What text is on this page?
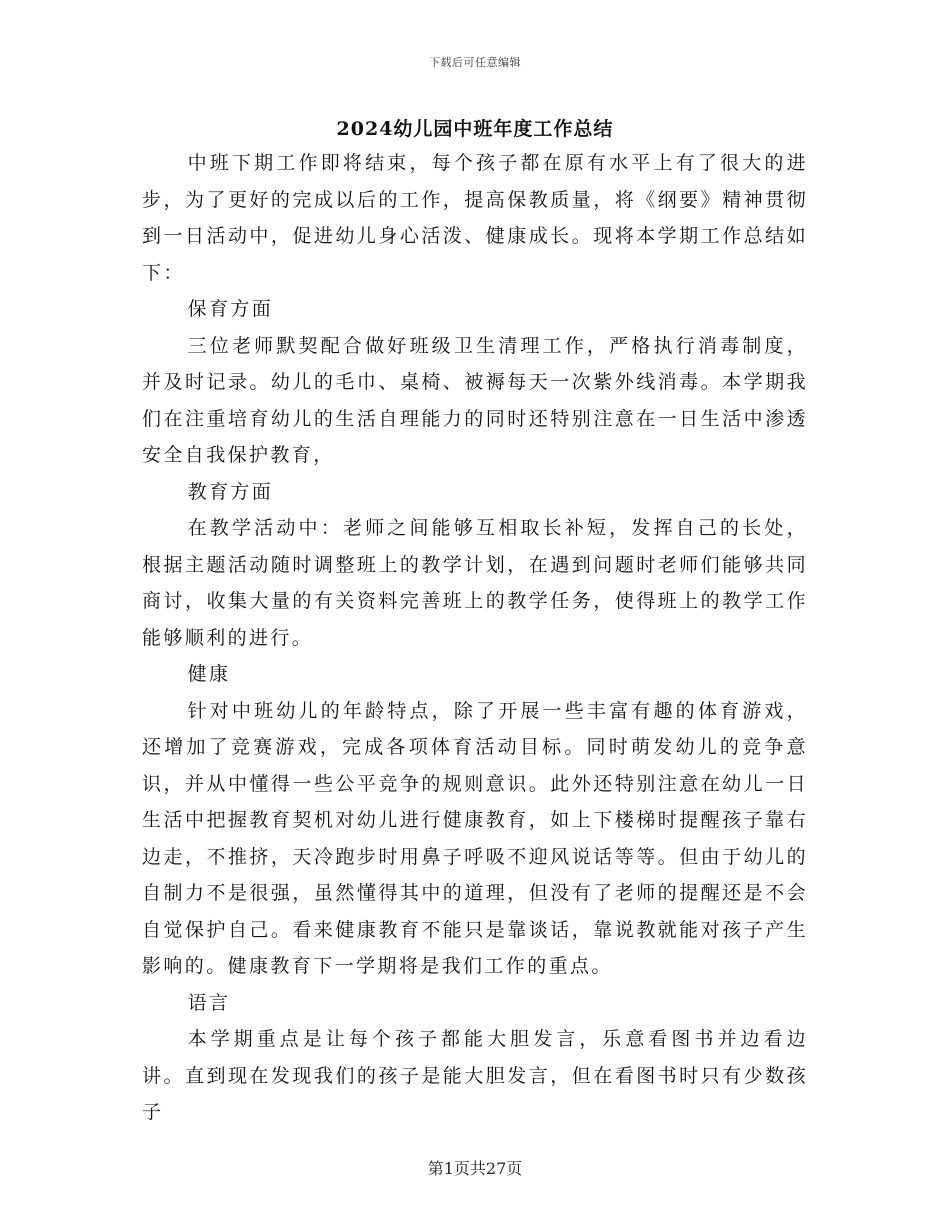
下载后可任意编辑
2024幼儿园中班年度工作总结

中班下期工作即将结束，每个孩子都在原有水平上有了很大的进步，为了更好的完成以后的工作，提高保教质量，将《纲要》精神贯彻到一日活动中，促进幼儿身心活泼、健康成长。现将本学期工作总结如下：

保育方面

三位老师默契配合做好班级卫生清理工作，严格执行消毒制度，并及时记录。幼儿的毛巾、桌椅、被褥每天一次紫外线消毒。本学期我们在注重培育幼儿的生活自理能力的同时还特别注意在一日生活中渗透安全自我保护教育，

教育方面

在教学活动中：老师之间能够互相取长补短，发挥自己的长处，根据主题活动随时调整班上的教学计划，在遇到问题时老师们能够共同商讨，收集大量的有关资料完善班上的教学任务，使得班上的教学工作能够顺利的进行。

健康

针对中班幼儿的年龄特点，除了开展一些丰富有趣的体育游戏，还增加了竞赛游戏，完成各项体育活动目标。同时萌发幼儿的竞争意识，并从中懂得一些公平竞争的规则意识。此外还特别注意在幼儿一日生活中把握教育契机对幼儿进行健康教育，如上下楼梯时提醒孩子靠右边走，不推挤，天冷跑步时用鼻子呼吸不迎风说话等等。但由于幼儿的自制力不是很强，虽然懂得其中的道理，但没有了老师的提醒还是不会自觉保护自己。看来健康教育不能只是靠谈话，靠说教就能对孩子产生影响的。健康教育下一学期将是我们工作的重点。

语言

本学期重点是让每个孩子都能大胆发言，乐意看图书并边看边讲。直到现在发现我们的孩子是能大胆发言，但在看图书时只有少数孩子

第1页共27页
